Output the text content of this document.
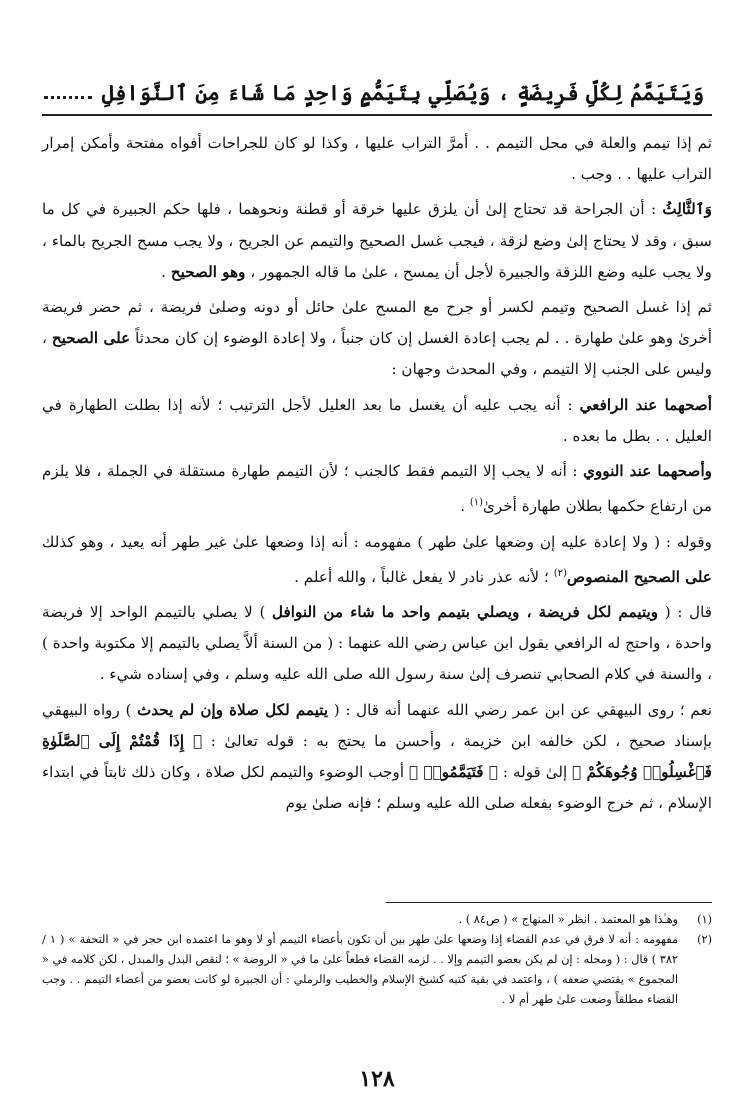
وَيَتَيَمَّمُ لِكُلِّ فَرِيضَةٍ ، وَيُصَلِّي بِتَيَمُّمٍ وَاحِدٍ مَا شَاءَ مِنَ ٱلنَّوَافِلِ

ثم إذا تيمم والعلة في محل التيمم . . أمرَّ التراب عليها ، وكذا لو كان للجراحات أفواه مفتحة وأمكن إمرار التراب عليها . . وجب .

وَٱلثَّالِثُ : أن الجراحة قد تحتاج إلىٰ أن يلزق عليها خرقة أو قطنة ونحوهما ، فلها حكم الجبيرة في كل ما سبق ، وقد لا يحتاج إلىٰ وضع لزقة ، فيجب غسل الصحيح والتيمم عن الجريح ، ولا يجب مسح الجريح بالماء ، ولا يجب عليه وضع اللزقة والجبيرة لأجل أن يمسح ، علىٰ ما قاله الجمهور ، وهو الصحيح .

ثم إذا غسل الصحيح وتيمم لكسر أو جرح مع المسح علىٰ حائل أو دونه وصلىٰ فريضة ، ثم حضر فريضة أخرىٰ وهو علىٰ طهارة . . لم يجب إعادة الغسل إن كان جنباً ، ولا إعادة الوضوء إن كان محدثاً على الصحيح ، وليس على الجنب إلا التيمم ، وفي المحدث وجهان :

أصحهما عند الرافعي : أنه يجب عليه أن يغسل ما بعد العليل لأجل الترتيب ؛ لأنه إذا بطلت الطهارة في العليل . . بطل ما بعده .

وأصحهما عند النووي : أنه لا يجب إلا التيمم فقط كالجنب ؛ لأن التيمم طهارة مستقلة في الجملة ، فلا يلزم من ارتفاع حكمها بطلان طهارة أخرىٰ$^{(١)}$ .

وقوله : ( ولا إعادة عليه إن وضعها علىٰ طهر ) مفهومه : أنه إذا وضعها علىٰ غير طهر أنه يعيد ، وهو كذلك على الصحيح المنصوص$^{(٢)}$ ؛ لأنه عذر نادر لا يفعل غالباً ، والله أعلم .

قال : ( ويتيمم لكل فريضة ، ويصلي بتيمم واحد ما شاء من النوافل ) لا يصلي بالتيمم الواحد إلا فريضة واحدة ، واحتج له الرافعي بقول ابن عباس رضي الله عنهما : ( من السنة ألاَّ يصلي بالتيمم إلا مكتوبة واحدة ) ، والسنة في كلام الصحابي تنصرف إلىٰ سنة رسول الله صلى الله عليه وسلم ، وفي إسناده شيء .

نعم ؛ روى البيهقي عن ابن عمر رضي الله عنهما أنه قال : ( يتيمم لكل صلاة وإن لم يحدث ) رواه البيهقي بإسناد صحيح ، لكن خالفه ابن خزيمة ، وأحسن ما يحتج به : قوله تعالىٰ : ﴿ إِذَا قُمْتُمْ إِلَى ٱلصَّلَوٰةِ فَٱغْسِلُوا۟ وُجُوهَكُمْ ﴾ إلىٰ قوله : ﴿ فَتَيَمَّمُوا۟ ﴾ أوجب الوضوء والتيمم لكل صلاة ، وكان ذلك ثابتاً في ابتداء الإسلام ، ثم خرج الوضوء بفعله صلى الله عليه وسلم ؛ فإنه صلىٰ يوم

(١)
وهـٰذا هو المعتمد . انظر « المنهاج » ( ص٨٤ ) .
(٢)
مفهومه : أنه لا فرق في عدم القضاء إذا وضعها علىٰ طهر بين أن تكون بأعضاء التيمم أو لا وهو ما اعتمده ابن حجر في « التحفة » ( ١ / ٣٨٢ ) قال : ( ومحله : إن لم يكن بعضو التيمم وإلا . . لزمه القضاء قطعاً علىٰ ما في « الروضة » ؛ لنقص البدل والمبدل ، لكن كلامه في « المجموع » يقتضي ضعفه ) ، واعتمد في بقية كتبه كشيخ الإسلام والخطيب والرملي : أن الجبيرة لو كانت بعضو من أعضاء التيمم . . وجب القضاء مطلقاً وضعت علىٰ طهر أم لا .
١٢٨
